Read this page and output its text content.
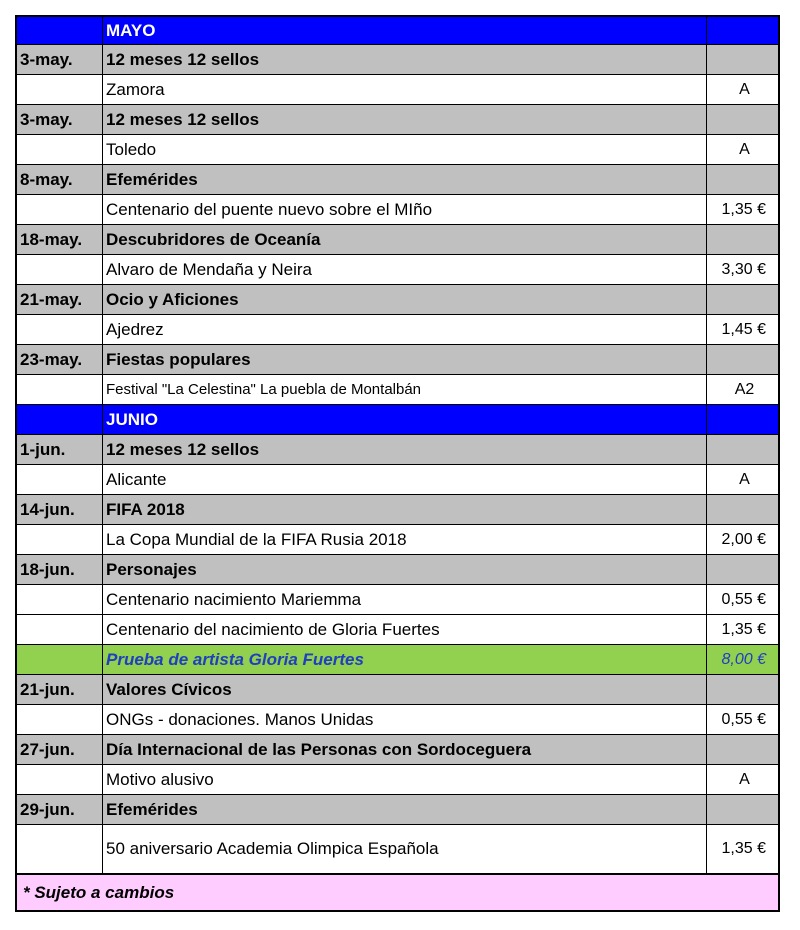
MAYO
3-may.	12 meses 12 sellos
Zamora	A
3-may.	12 meses 12 sellos
Toledo	A
8-may.	Efemérides
Centenario del puente nuevo sobre el MIño	1,35 €
18-may.	Descubridores de Oceanía
Alvaro de Mendaña y Neira	3,30 €
21-may.	Ocio y Aficiones
Ajedrez	1,45 €
23-may.	Fiestas populares
Festival "La Celestina" La puebla de Montalbán	A2
JUNIO
1-jun.	12 meses 12 sellos
Alicante	A
14-jun.	FIFA 2018
La Copa Mundial de la FIFA Rusia 2018	2,00 €
18-jun.	Personajes
Centenario nacimiento Mariemma	0,55 €
Centenario del nacimiento de Gloria Fuertes	1,35 €
Prueba de artista Gloria Fuertes	8,00 €
21-jun.	Valores Cívicos
ONGs - donaciones. Manos Unidas	0,55 €
27-jun.	Día Internacional de las Personas con Sordoceguera
Motivo alusivo	A
29-jun.	Efemérides
50 aniversario Academia Olimpica Española	1,35 €
* Sujeto a cambios
